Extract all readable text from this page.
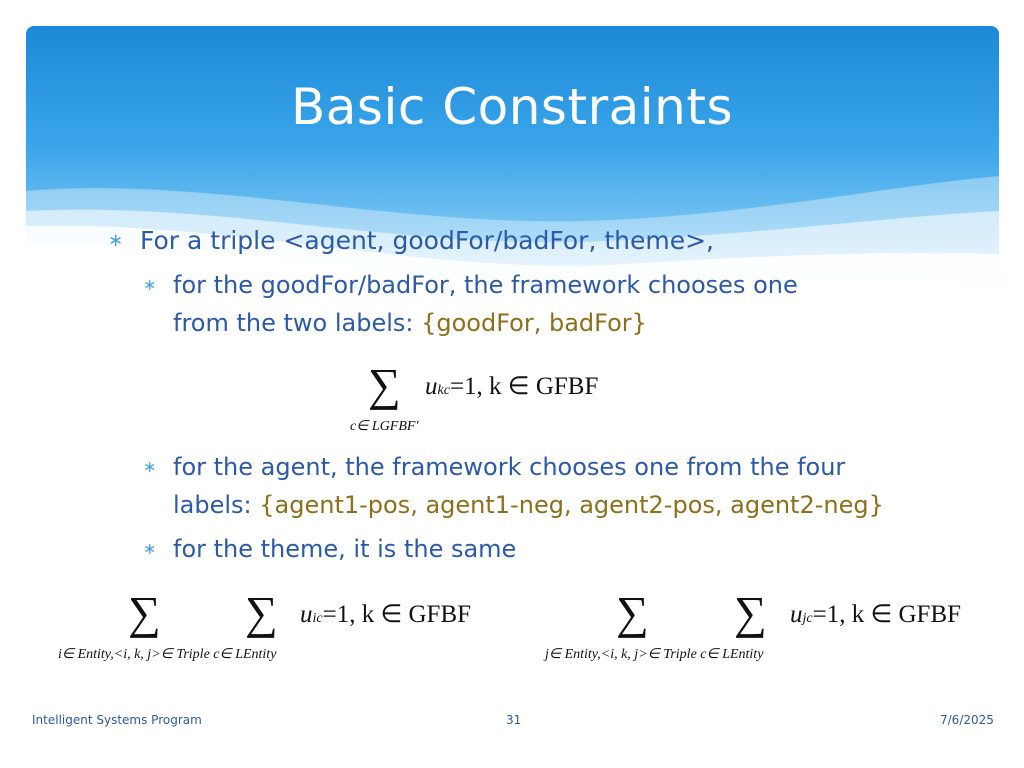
Basic Constraints
∗ For a triple <agent, goodFor/badFor, theme>,
∗ for the goodFor/badFor, the framework chooses one
from the two labels: {goodFor, badFor}
∑ ukc=1, k ∈ GFBF
c∈ LGFBF'
∗ for the agent, the framework chooses one from the four
labels: {agent1-pos, agent1-neg, agent2-pos, agent2-neg}
∗ for the theme, it is the same
∑ ∑ uic=1, k ∈ GFBF
i∈ Entity,<i, k, j>∈ Triple c∈ LEntity
∑ ∑ ujc=1, k ∈ GFBF
j∈ Entity,<i, k, j>∈ Triple c∈ LEntity
Intelligent Systems Program	31	7/6/2025
